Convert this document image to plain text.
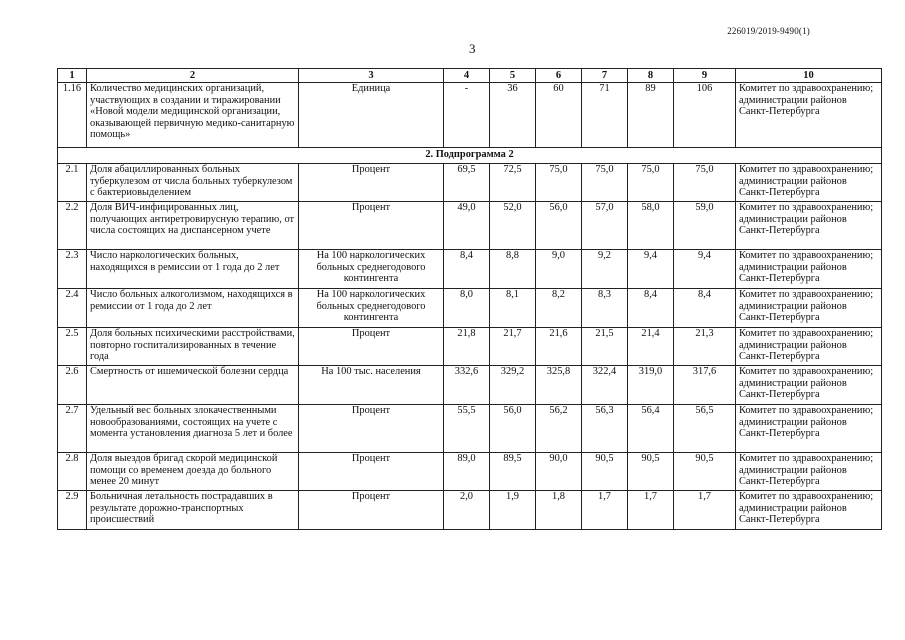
226019/2019-9490(1)
3
1	2	3	4	5	6	7	8	9	10
1.16	Количество медицинских организаций, участвующих в создании и тиражировании «Новой модели медицинской организации, оказывающей первичную медико-санитарную помощь»	Единица	-	36	60	71	89	106	Комитет по здравоохранению; администрации районов Санкт-Петербурга
2. Подпрограмма 2									
2.1	Доля абациллированных больных туберкулезом от числа больных туберкулезом с бактериовыделением	Процент	69,5	72,5	75,0	75,0	75,0	75,0	Комитет по здравоохранению; администрации районов Санкт-Петербурга
2.2	Доля ВИЧ-инфицированных лиц, получающих антиретровирусную терапию, от числа состоящих на диспансерном учете	Процент	49,0	52,0	56,0	57,0	58,0	59,0	Комитет по здравоохранению; администрации районов Санкт-Петербурга
2.3	Число наркологических больных, находящихся в ремиссии от 1 года до 2 лет	На 100 наркологических больных среднегодового контингента	8,4	8,8	9,0	9,2	9,4	9,4	Комитет по здравоохранению; администрации районов Санкт-Петербурга
2.4	Число больных алкоголизмом, находящихся в ремиссии от 1 года до 2 лет	На 100 наркологических больных среднегодового контингента	8,0	8,1	8,2	8,3	8,4	8,4	Комитет по здравоохранению; администрации районов Санкт-Петербурга
2.5	Доля больных психическими расстройствами, повторно госпитализированных в течение года	Процент	21,8	21,7	21,6	21,5	21,4	21,3	Комитет по здравоохранению; администрации районов Санкт-Петербурга
2.6	Смертность от ишемической болезни сердца	На 100 тыс. населения	332,6	329,2	325,8	322,4	319,0	317,6	Комитет по здравоохранению; администрации районов Санкт-Петербурга
2.7	Удельный вес больных злокачественными новообразованиями, состоящих на учете с момента установления диагноза 5 лет и более	Процент	55,5	56,0	56,2	56,3	56,4	56,5	Комитет по здравоохранению; администрации районов Санкт-Петербурга
2.8	Доля выездов бригад скорой медицинской помощи со временем доезда до больного менее 20 минут	Процент	89,0	89,5	90,0	90,5	90,5	90,5	Комитет по здравоохранению; администрации районов Санкт-Петербурга
2.9	Больничная летальность пострадавших в результате дорожно-транспортных происшествий	Процент	2,0	1,9	1,8	1,7	1,7	1,7	Комитет по здравоохранению; администрации районов Санкт-Петербурга
